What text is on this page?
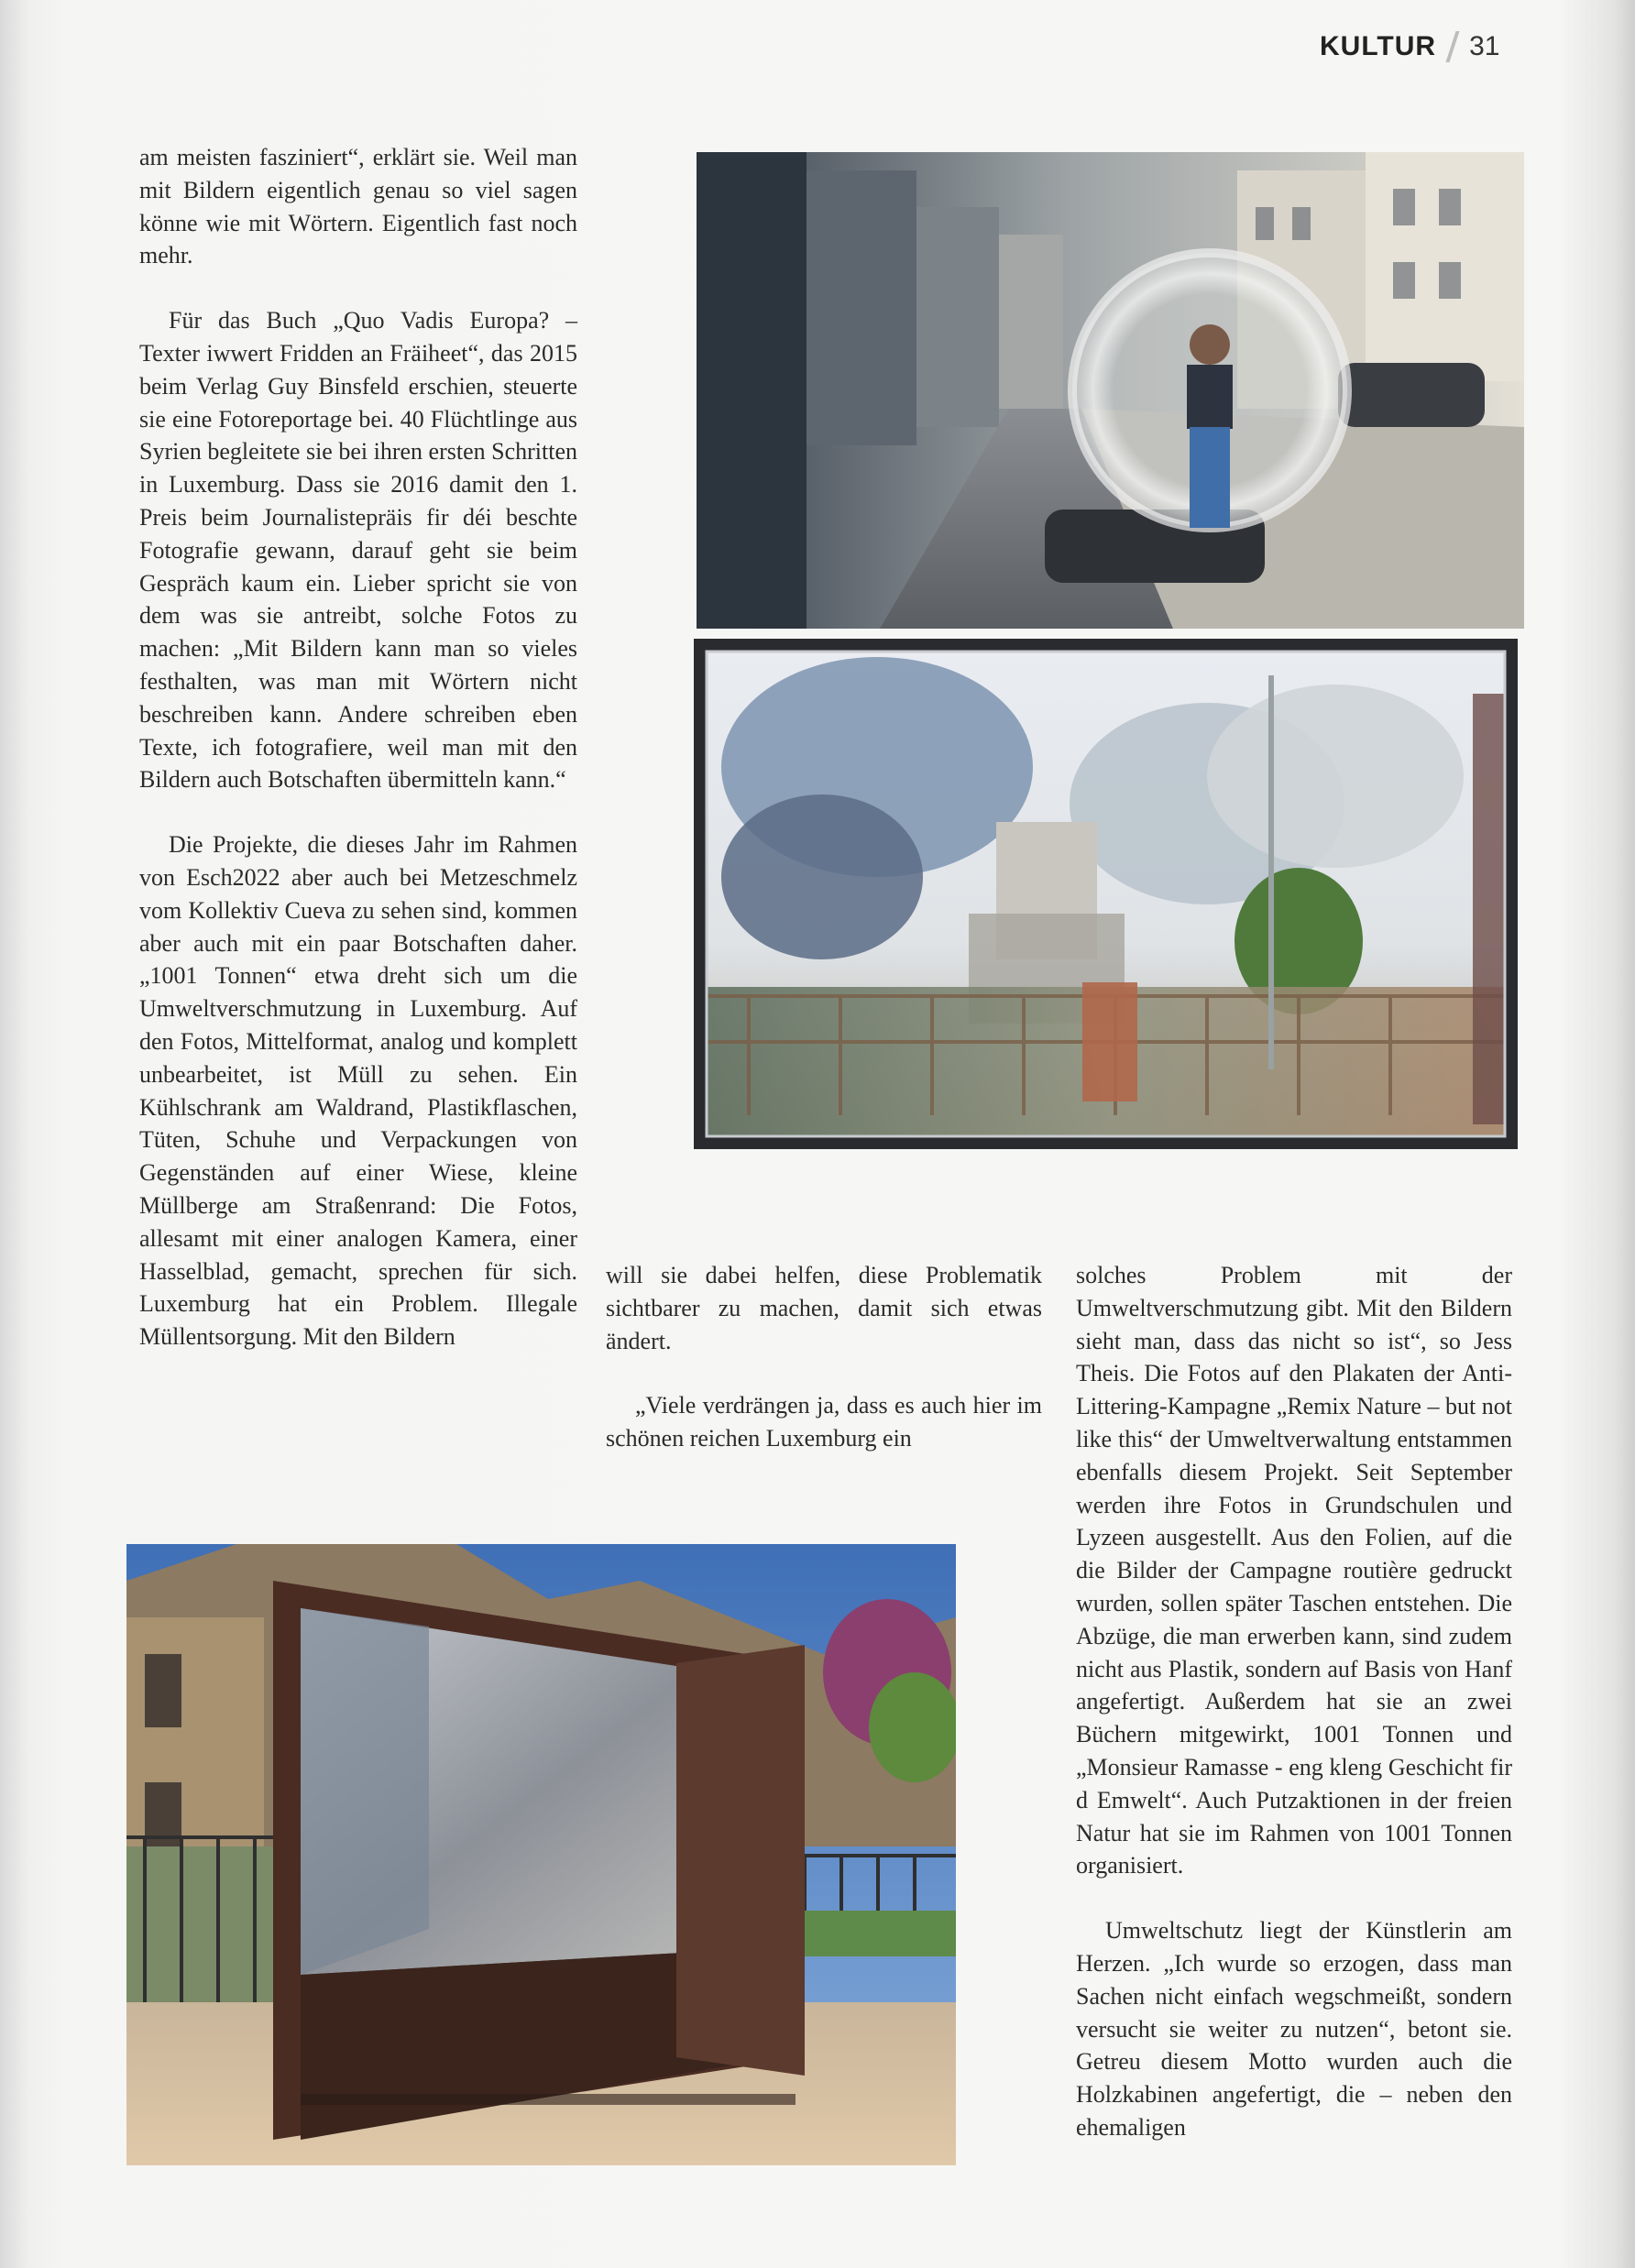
KULTUR 31

am meisten fasziniert“, erklärt sie. Weil man mit Bildern eigentlich genau so viel sagen könne wie mit Wörtern. Eigentlich fast noch mehr.

Für das Buch „Quo Vadis Europa? – Texter iwwert Fridden an Fräiheet“, das 2015 beim Verlag Guy Binsfeld erschien, steuerte sie eine Fotoreportage bei. 40 Flüchtlinge aus Syrien begleitete sie bei ihren ersten Schritten in Luxemburg. Dass sie 2016 damit den 1. Preis beim Journalistepräis fir déi beschte Fotografie gewann, darauf geht sie beim Gespräch kaum ein. Lieber spricht sie von dem was sie antreibt, solche Fotos zu machen: „Mit Bildern kann man so vieles festhalten, was man mit Wörtern nicht beschreiben kann. Andere schreiben eben Texte, ich fotografiere, weil man mit den Bildern auch Botschaften übermitteln kann.“

Die Projekte, die dieses Jahr im Rahmen von Esch2022 aber auch bei Metzeschmelz vom Kollektiv Cueva zu sehen sind, kommen aber auch mit ein paar Botschaften daher. „1001 Tonnen“ etwa dreht sich um die Umweltverschmutzung in Luxemburg. Auf den Fotos, Mittelformat, analog und komplett unbearbeitet, ist Müll zu sehen. Ein Kühlschrank am Waldrand, Plastikflaschen, Tüten, Schuhe und Verpackungen von Gegenständen auf einer Wiese, kleine Müllberge am Straßenrand: Die Fotos, allesamt mit einer analogen Kamera, einer Hasselblad, gemacht, sprechen für sich. Luxemburg hat ein Problem. Illegale Müllentsorgung. Mit den Bildern

will sie dabei helfen, diese Problematik sichtbarer zu machen, damit sich etwas ändert.

„Viele verdrängen ja, dass es auch hier im schönen reichen Luxemburg ein

solches Problem mit der Umweltverschmutzung gibt. Mit den Bildern sieht man, dass das nicht so ist“, so Jess Theis. Die Fotos auf den Plakaten der Anti-Littering-Kampagne „Remix Nature – but not like this“ der Umweltverwaltung entstammen ebenfalls diesem Projekt. Seit September werden ihre Fotos in Grundschulen und Lyzeen ausgestellt. Aus den Folien, auf die die Bilder der Campagne routière gedruckt wurden, sollen später Taschen entstehen. Die Abzüge, die man erwerben kann, sind zudem nicht aus Plastik, sondern auf Basis von Hanf angefertigt. Außerdem hat sie an zwei Büchern mitgewirkt, 1001 Tonnen und „Monsieur Ramasse - eng kleng Geschicht fir d Emwelt“. Auch Putzaktionen in der freien Natur hat sie im Rahmen von 1001 Tonnen organisiert.

Umweltschutz liegt der Künstlerin am Herzen. „Ich wurde so erzogen, dass man Sachen nicht einfach wegschmeißt, sondern versucht sie weiter zu nutzen“, betont sie. Getreu diesem Motto wurden auch die Holzkabinen angefertigt, die – neben den ehemaligen
